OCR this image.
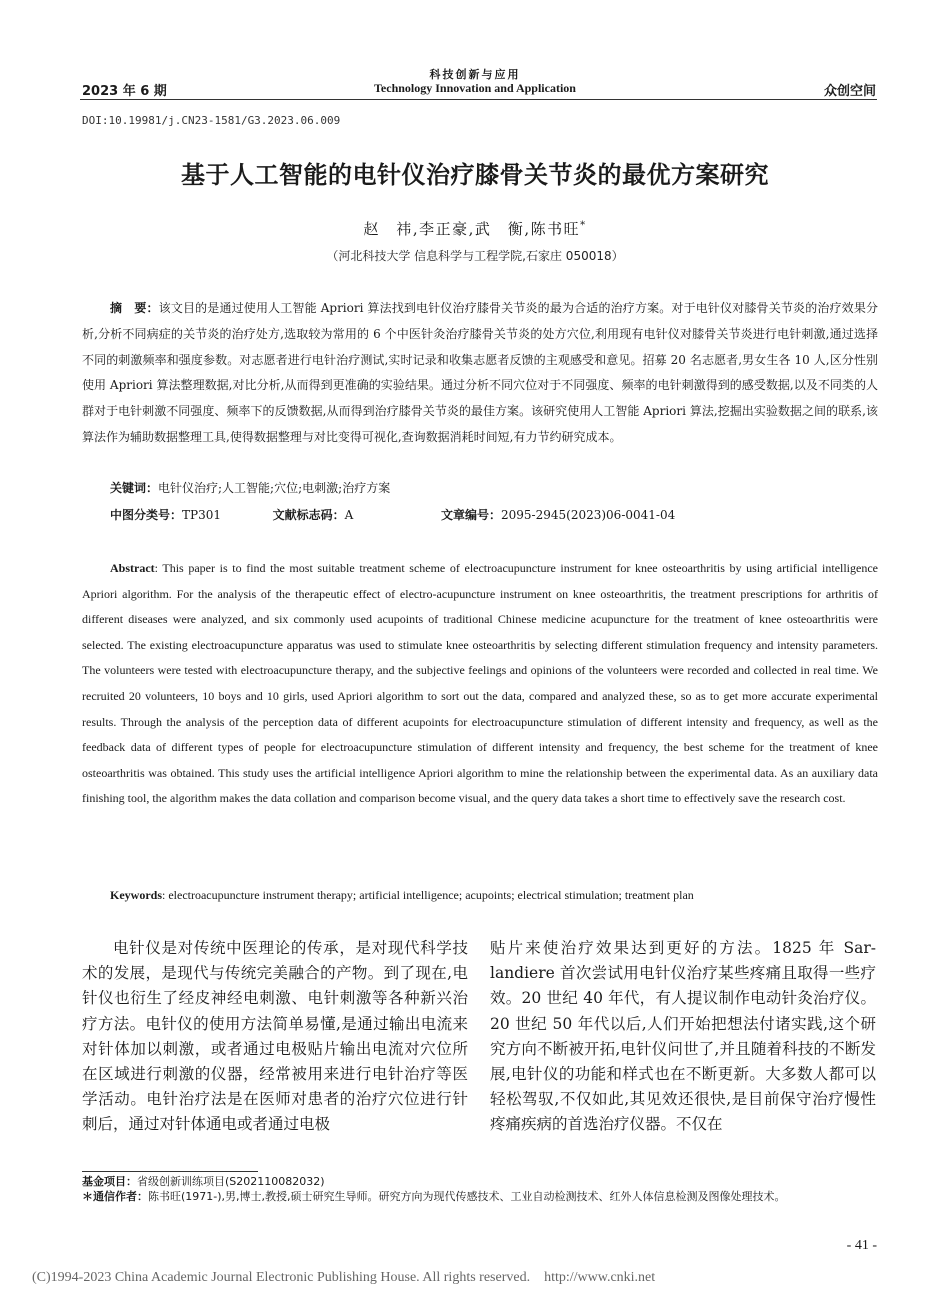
2023 年 6 期
科技创新与应用
Technology Innovation and Application	众创空间
DOI:10.19981/j.CN23-1581/G3.2023.06.009
基于人工智能的电针仪治疗膝骨关节炎的最优方案研究
赵　祎,李正豪,武　衡,陈书旺*
（河北科技大学 信息科学与工程学院,石家庄 050018）
摘　要：该文目的是通过使用人工智能 Apriori 算法找到电针仪治疗膝骨关节炎的最为合适的治疗方案。对于电针仪对膝骨关节炎的治疗效果分析,分析不同病症的关节炎的治疗处方,选取较为常用的 6 个中医针灸治疗膝骨关节炎的处方穴位,利用现有电针仪对膝骨关节炎进行电针刺激,通过选择不同的刺激频率和强度参数。对志愿者进行电针治疗测试,实时记录和收集志愿者反馈的主观感受和意见。招募 20 名志愿者,男女生各 10 人,区分性别使用 Apriori 算法整理数据,对比分析,从而得到更准确的实验结果。通过分析不同穴位对于不同强度、频率的电针刺激得到的感受数据,以及不同类的人群对于电针刺激不同强度、频率下的反馈数据,从而得到治疗膝骨关节炎的最佳方案。该研究使用人工智能 Apriori 算法,挖掘出实验数据之间的联系,该算法作为辅助数据整理工具,使得数据整理与对比变得可视化,查询数据消耗时间短,有力节约研究成本。
关键词：电针仪治疗;人工智能;穴位;电刺激;治疗方案
中图分类号：TP301	文献标志码：A	文章编号：2095-2945(2023)06-0041-04
Abstract: This paper is to find the most suitable treatment scheme of electroacupuncture instrument for knee osteoarthritis by using artificial intelligence Apriori algorithm. For the analysis of the therapeutic effect of electro-acupuncture instrument on knee osteoarthritis, the treatment prescriptions for arthritis of different diseases were analyzed, and six commonly used acupoints of traditional Chinese medicine acupuncture for the treatment of knee osteoarthritis were selected. The existing electroacupuncture apparatus was used to stimulate knee osteoarthritis by selecting different stimulation frequency and intensity parameters. The volunteers were tested with electroacupuncture therapy, and the subjective feelings and opinions of the volunteers were recorded and collected in real time. We recruited 20 volunteers, 10 boys and 10 girls, used Apriori algorithm to sort out the data, compared and analyzed these, so as to get more accurate experimental results. Through the analysis of the perception data of different acupoints for electroacupuncture stimulation of different intensity and frequency, as well as the feedback data of different types of people for electroacupuncture stimulation of different intensity and frequency, the best scheme for the treatment of knee osteoarthritis was obtained. This study uses the artificial intelligence Apriori algorithm to mine the relationship between the experimental data. As an auxiliary data finishing tool, the algorithm makes the data collation and comparison become visual, and the query data takes a short time to effectively save the research cost.
Keywords: electroacupuncture instrument therapy; artificial intelligence; acupoints; electrical stimulation; treatment plan
电针仪是对传统中医理论的传承，是对现代科学技术的发展，是现代与传统完美融合的产物。到了现在,电针仪也衍生了经皮神经电刺激、电针刺激等各种新兴治疗方法。电针仪的使用方法简单易懂,是通过输出电流来对针体加以刺激，或者通过电极贴片输出电流对穴位所在区域进行刺激的仪器，经常被用来进行电针治疗等医学活动。电针治疗法是在医师对患者的治疗穴位进行针刺后，通过对针体通电或者通过电极
贴片来使治疗效果达到更好的方法。1825 年 Sar-landiere 首次尝试用电针仪治疗某些疼痛且取得一些疗效。20 世纪 40 年代，有人提议制作电动针灸治疗仪。20 世纪 50 年代以后,人们开始把想法付诸实践,这个研究方向不断被开拓,电针仪问世了,并且随着科技的不断发展,电针仪的功能和样式也在不断更新。大多数人都可以轻松驾驭,不仅如此,其见效还很快,是目前保守治疗慢性疼痛疾病的首选治疗仪器。不仅在
基金项目：省级创新训练项目(S202110082032)
＊通信作者：陈书旺(1971-),男,博士,教授,硕士研究生导师。研究方向为现代传感技术、工业自动检测技术、红外人体信息检测及图像处理技术。
- 41 -
(C)1994-2023 China Academic Journal Electronic Publishing House. All rights reserved.　http://www.cnki.net
